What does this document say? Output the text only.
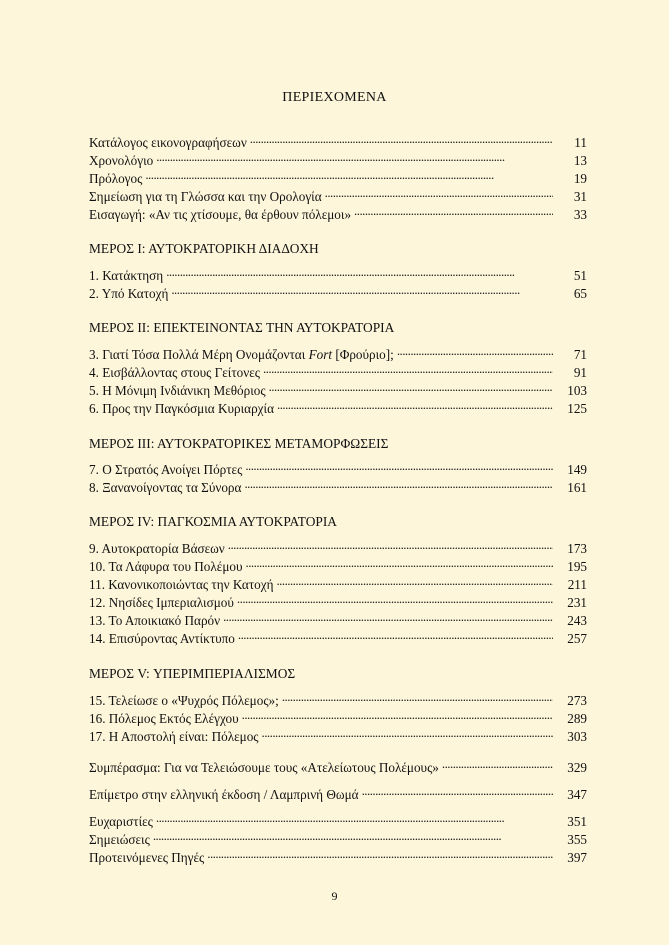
ΠΕΡΙΕΧΟΜΕΝΑ
Κατάλογος εικονογραφήσεων . . .	11
Χρονολόγιο . . .	13
Πρόλογος . . .	19
Σημείωση για τη Γλώσσα και την Ορολογία . . .	31
Εισαγωγή: «Αν τις χτίσουμε, θα έρθουν πόλεμοι» . . .	33
ΜΕΡΟΣ Ι: ΑΥΤΟΚΡΑΤΟΡΙΚΗ ΔΙΑΔΟΧΗ
1. Κατάκτηση . . .	51
2. Υπό Κατοχή . . .	65
ΜΕΡΟΣ ΙΙ: ΕΠΕΚΤΕΙΝΟΝΤΑΣ ΤΗΝ ΑΥΤΟΚΡΑΤΟΡΙΑ
3. Γιατί Τόσα Πολλά Μέρη Ονομάζονται Fort [Φρούριο]; . . .	71
4. Εισβάλλοντας στους Γείτονες . . .	91
5. Η Μόνιμη Ινδιάνικη Μεθόριος . . .	103
6. Προς την Παγκόσμια Κυριαρχία . . .	125
ΜΕΡΟΣ ΙΙΙ: ΑΥΤΟΚΡΑΤΟΡΙΚΕΣ ΜΕΤΑΜΟΡΦΩΣΕΙΣ
7. Ο Στρατός Ανοίγει Πόρτες . . .	149
8. Ξανανοίγοντας τα Σύνορα . . .	161
ΜΕΡΟΣ IV: ΠΑΓΚΟΣΜΙΑ ΑΥΤΟΚΡΑΤΟΡΙΑ
9. Αυτοκρατορία Βάσεων . . .	173
10. Τα Λάφυρα του Πολέμου . . .	195
11. Κανονικοποιώντας την Κατοχή . . .	211
12. Νησίδες Ιμπεριαλισμού . . .	231
13. Το Αποικιακό Παρόν . . .	243
14. Επισύροντας Αντίκτυπο . . .	257
ΜΕΡΟΣ V: ΥΠΕΡΙΜΠΕΡΙΑΛΙΣΜΟΣ
15. Τελείωσε ο «Ψυχρός Πόλεμος»; . . .	273
16. Πόλεμος Εκτός Ελέγχου . . .	289
17. Η Αποστολή είναι: Πόλεμος . . .	303
Συμπέρασμα: Για να Τελειώσουμε τους «Ατελείωτους Πολέμους» . . .	329
Επίμετρο στην ελληνική έκδοση / Λαμπρινή Θωμά . . .	347
Ευχαριστίες . . .	351
Σημειώσεις . . .	355
Προτεινόμενες Πηγές . . .	397
9
